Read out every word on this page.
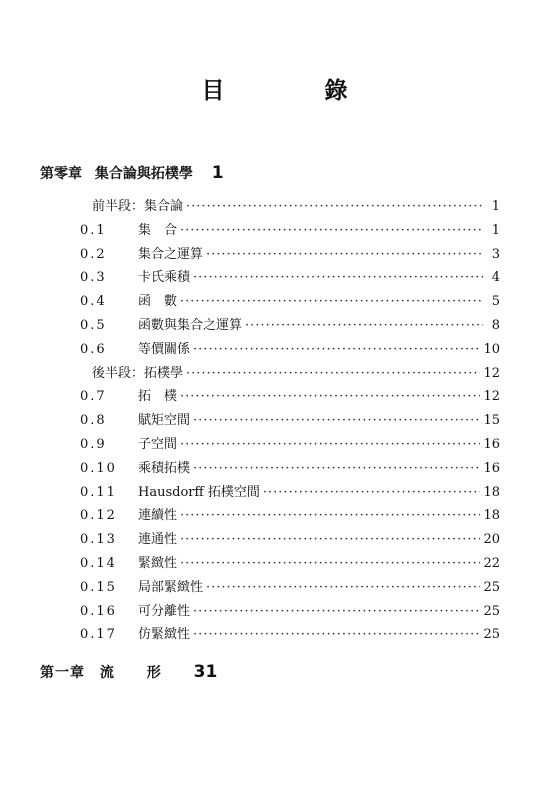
目 錄
第零章 集合論與拓樸學 1
前半段：集合論 ·····	1
0.1 集　合 ·····	1
0.2 集合之運算 ·····	3
0.3 卡氏乘積 ·····	4
0.4 函　數 ·····	5
0.5 函數與集合之運算 ·····	8
0.6 等價關係 ·····	10
後半段：拓樸學 ·····	12
0.7 拓　樸 ·····	12
0.8 賦矩空間 ·····	15
0.9 子空間 ·····	16
0.10 乘積拓樸 ·····	16
0.11 Hausdorff 拓樸空間 ·····	18
0.12 連續性 ·····	18
0.13 連通性 ·····	20
0.14 緊緻性 ·····	22
0.15 局部緊緻性 ·····	25
0.16 可分離性 ·····	25
0.17 仿緊緻性 ·····	25
第一章 流 形 31
